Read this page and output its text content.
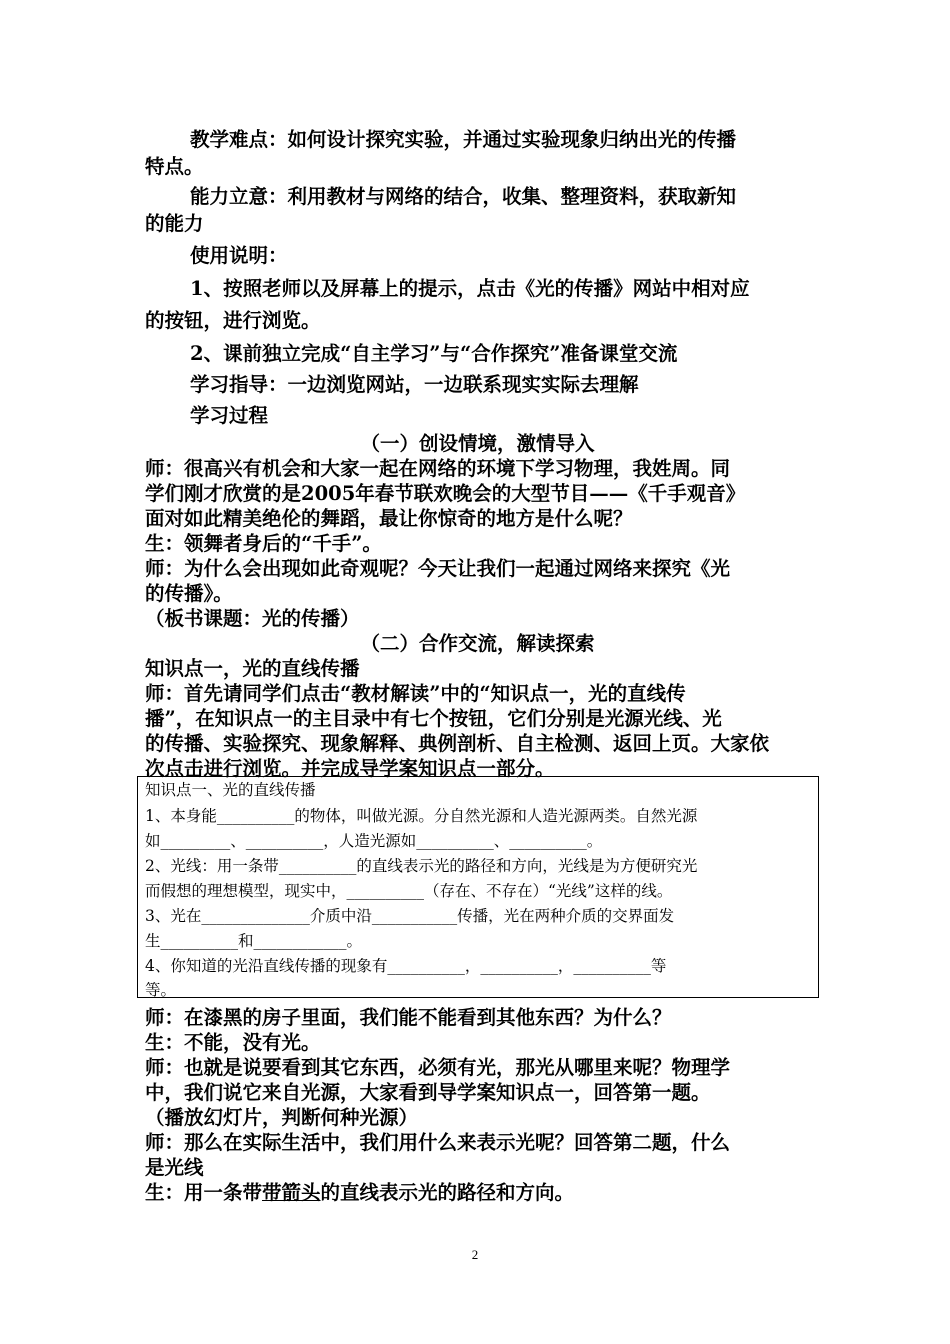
教学难点：如何设计探究实验，并通过实验现象归纳出光的传播
特点。
能力立意：利用教材与网络的结合，收集、整理资料，获取新知
的能力
使用说明：
1、按照老师以及屏幕上的提示，点击《光的传播》网站中相对应
的按钮，进行浏览。
2、课前独立完成“自主学习”与“合作探究”准备课堂交流
学习指导：一边浏览网站，一边联系现实实际去理解
学习过程
（一）创设情境，激情导入
师：很高兴有机会和大家一起在网络的环境下学习物理，我姓周。同
学们刚才欣赏的是2005年春节联欢晚会的大型节目——《千手观音》
面对如此精美绝伦的舞蹈，最让你惊奇的地方是什么呢？
生：领舞者身后的“千手”。
师：为什么会出现如此奇观呢？今天让我们一起通过网络来探究《光
的传播》。
（板书课题：光的传播）
（二）合作交流，解读探索
知识点一，光的直线传播
师：首先请同学们点击“教材解读”中的“知识点一，光的直线传
播”，在知识点一的主目录中有七个按钮，它们分别是光源光线、光
的传播、实验探究、现象解释、典例剖析、自主检测、返回上页。大家依
次点击进行浏览。并完成导学案知识点一部分。
知识点一、光的直线传播
1、本身能__________的物体，叫做光源。分自然光源和人造光源两类。自然光源
如_________、__________，人造光源如__________、__________。
2、光线：用一条带__________的直线表示光的路径和方向，光线是为方便研究光
而假想的理想模型，现实中，__________（存在、不存在）“光线”这样的线。
3、光在______________介质中沿___________传播，光在两种介质的交界面发
生__________和____________。
4、你知道的光沿直线传播的现象有__________，__________，__________等
等。
师：在漆黑的房子里面，我们能不能看到其他东西？为什么？
生：不能，没有光。
师：也就是说要看到其它东西，必须有光，那光从哪里来呢？物理学
中，我们说它来自光源，大家看到导学案知识点一，回答第一题。
（播放幻灯片，判断何种光源）
师：那么在实际生活中，我们用什么来表示光呢？回答第二题，什么
是光线
生：用一条带带箭头的直线表示光的路径和方向。
2
